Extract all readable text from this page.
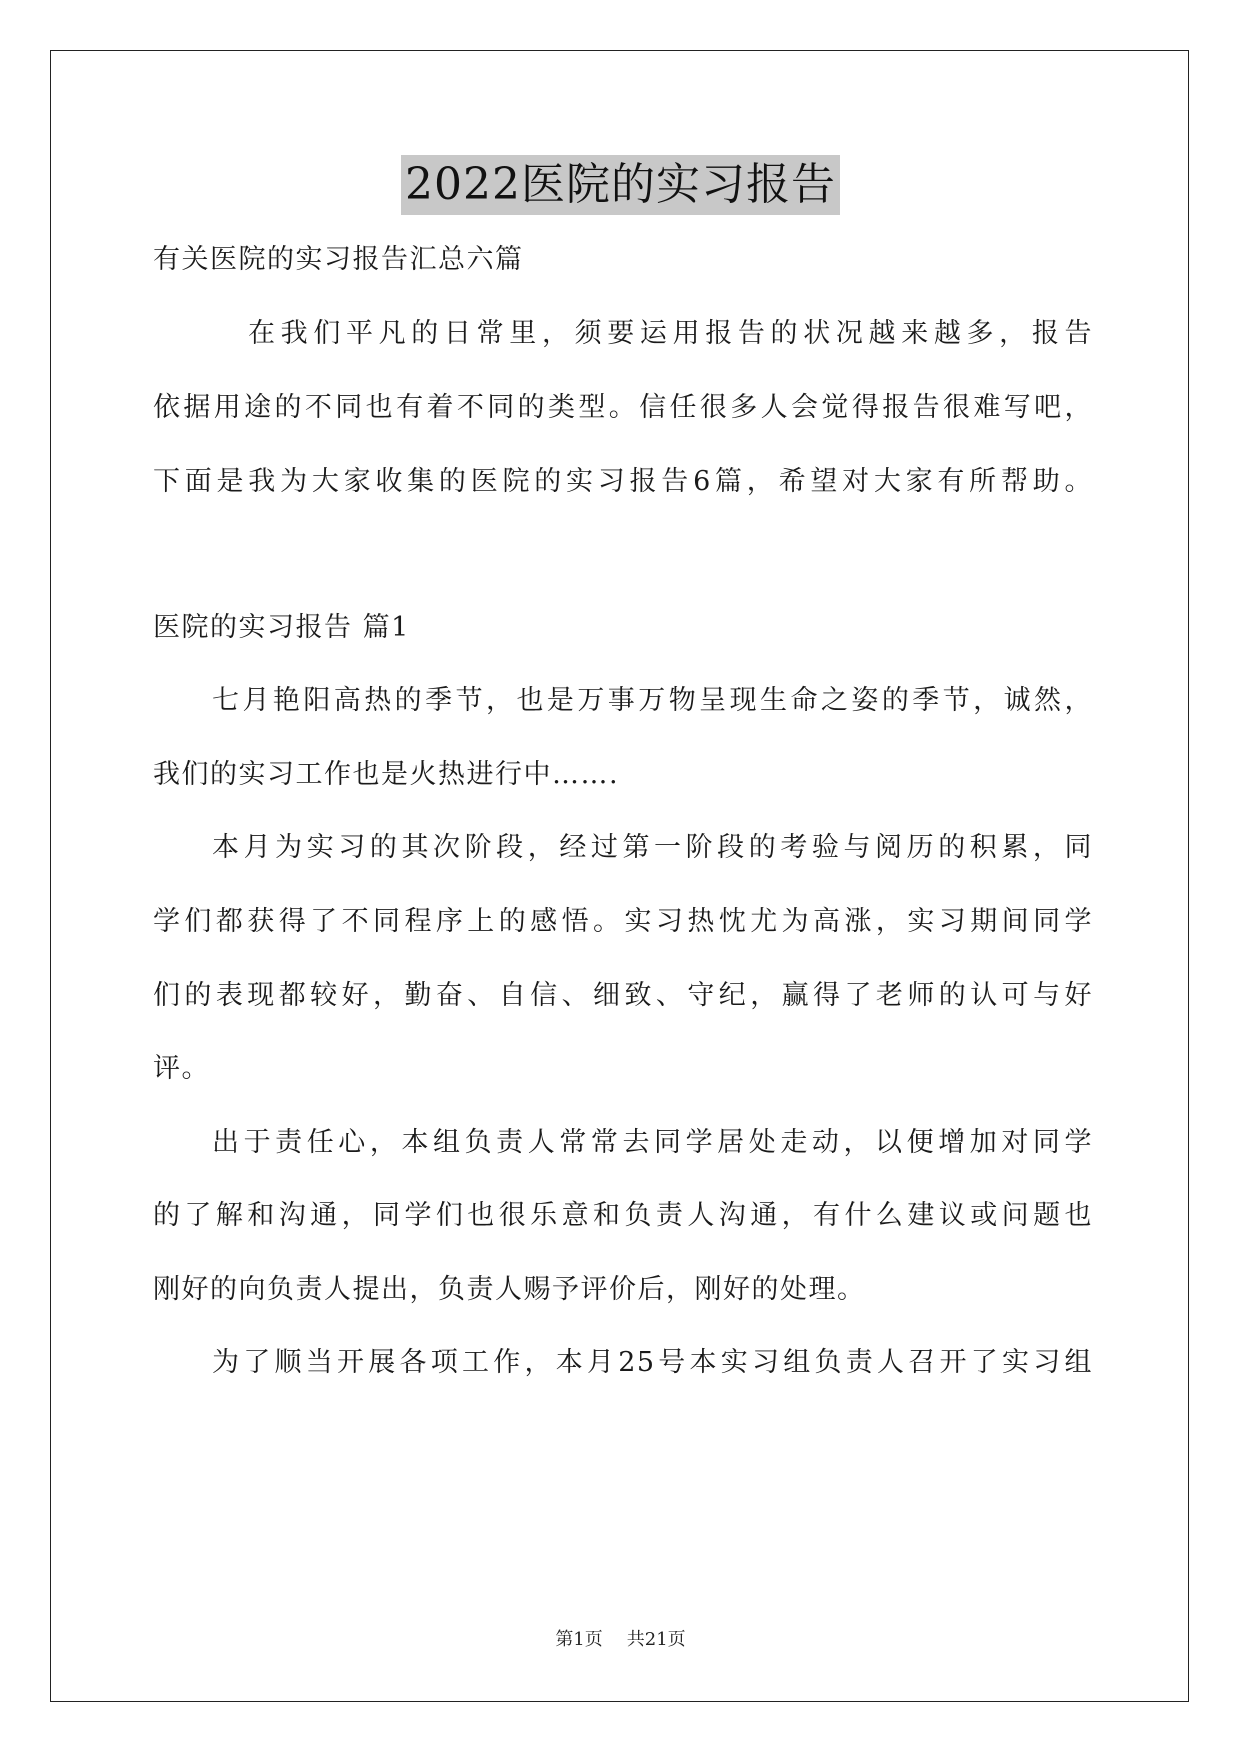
2022医院的实习报告
有关医院的实习报告汇总六篇
在我们平凡的日常里，须要运用报告的状况越来越多，报告
依据用途的不同也有着不同的类型。信任很多人会觉得报告很难写吧，
下面是我为大家收集的医院的实习报告6篇，希望对大家有所帮助。
医院的实习报告 篇1
七月艳阳高热的季节，也是万事万物呈现生命之姿的季节，诚然，
我们的实习工作也是火热进行中…….
本月为实习的其次阶段，经过第一阶段的考验与阅历的积累，同
学们都获得了不同程序上的感悟。实习热忱尤为高涨，实习期间同学
们的表现都较好，勤奋、自信、细致、守纪，赢得了老师的认可与好
评。
出于责任心，本组负责人常常去同学居处走动，以便增加对同学
的了解和沟通，同学们也很乐意和负责人沟通，有什么建议或问题也
刚好的向负责人提出，负责人赐予评价后，刚好的处理。
为了顺当开展各项工作，本月25号本实习组负责人召开了实习组
第1页 共21页
